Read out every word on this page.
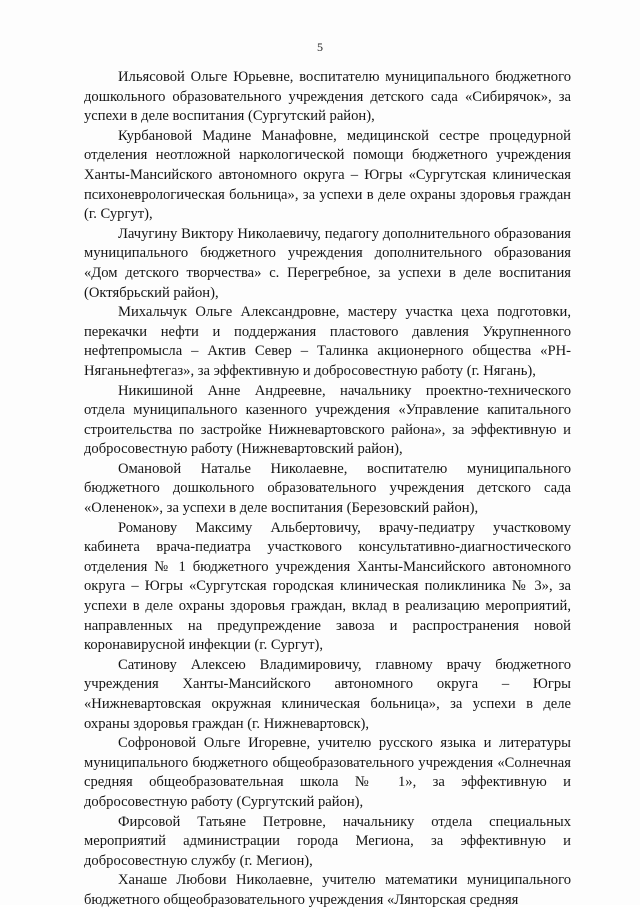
5

Ильясовой Ольге Юрьевне, воспитателю муниципального бюджетного дошкольного образовательного учреждения детского сада «Сибирячок», за успехи в деле воспитания (Сургутский район),

Курбановой Мадине Манафовне, медицинской сестре процедурной отделения неотложной наркологической помощи бюджетного учреждения Ханты-Мансийского автономного округа – Югры «Сургутская клиническая психоневрологическая больница», за успехи в деле охраны здоровья граждан (г. Сургут),

Лачугину Виктору Николаевичу, педагогу дополнительного образования муниципального бюджетного учреждения дополнительного образования «Дом детского творчества» с. Перегребное, за успехи в деле воспитания (Октябрьский район),

Михальчук Ольге Александровне, мастеру участка цеха подготовки, перекачки нефти и поддержания пластового давления Укрупненного нефтепромысла – Актив Север – Талинка акционерного общества «РН-Няганьнефтегаз», за эффективную и добросовестную работу (г. Нягань),

Никишиной Анне Андреевне, начальнику проектно-технического отдела муниципального казенного учреждения «Управление капитального строительства по застройке Нижневартовского района», за эффективную и добросовестную работу (Нижневартовский район),

Омановой Наталье Николаевне, воспитателю муниципального бюджетного дошкольного образовательного учреждения детского сада «Олененок», за успехи в деле воспитания (Березовский район),

Романову Максиму Альбертовичу, врачу-педиатру участковому кабинета врача-педиатра участкового консультативно-диагностического отделения № 1 бюджетного учреждения Ханты-Мансийского автономного округа – Югры «Сургутская городская клиническая поликлиника № 3», за успехи в деле охраны здоровья граждан, вклад в реализацию мероприятий, направленных на предупреждение завоза и распространения новой коронавирусной инфекции (г. Сургут),

Сатинову Алексею Владимировичу, главному врачу бюджетного учреждения Ханты-Мансийского автономного округа – Югры «Нижневартовская окружная клиническая больница», за успехи в деле охраны здоровья граждан (г. Нижневартовск),

Софроновой Ольге Игоревне, учителю русского языка и литературы муниципального бюджетного общеобразовательного учреждения «Солнечная средняя общеобразовательная школа № 1», за эффективную и добросовестную работу (Сургутский район),

Фирсовой Татьяне Петровне, начальнику отдела специальных мероприятий администрации города Мегиона, за эффективную и добросовестную службу (г. Мегион),

Ханаше Любови Николаевне, учителю математики муниципального бюджетного общеобразовательного учреждения «Лянторская средняя
